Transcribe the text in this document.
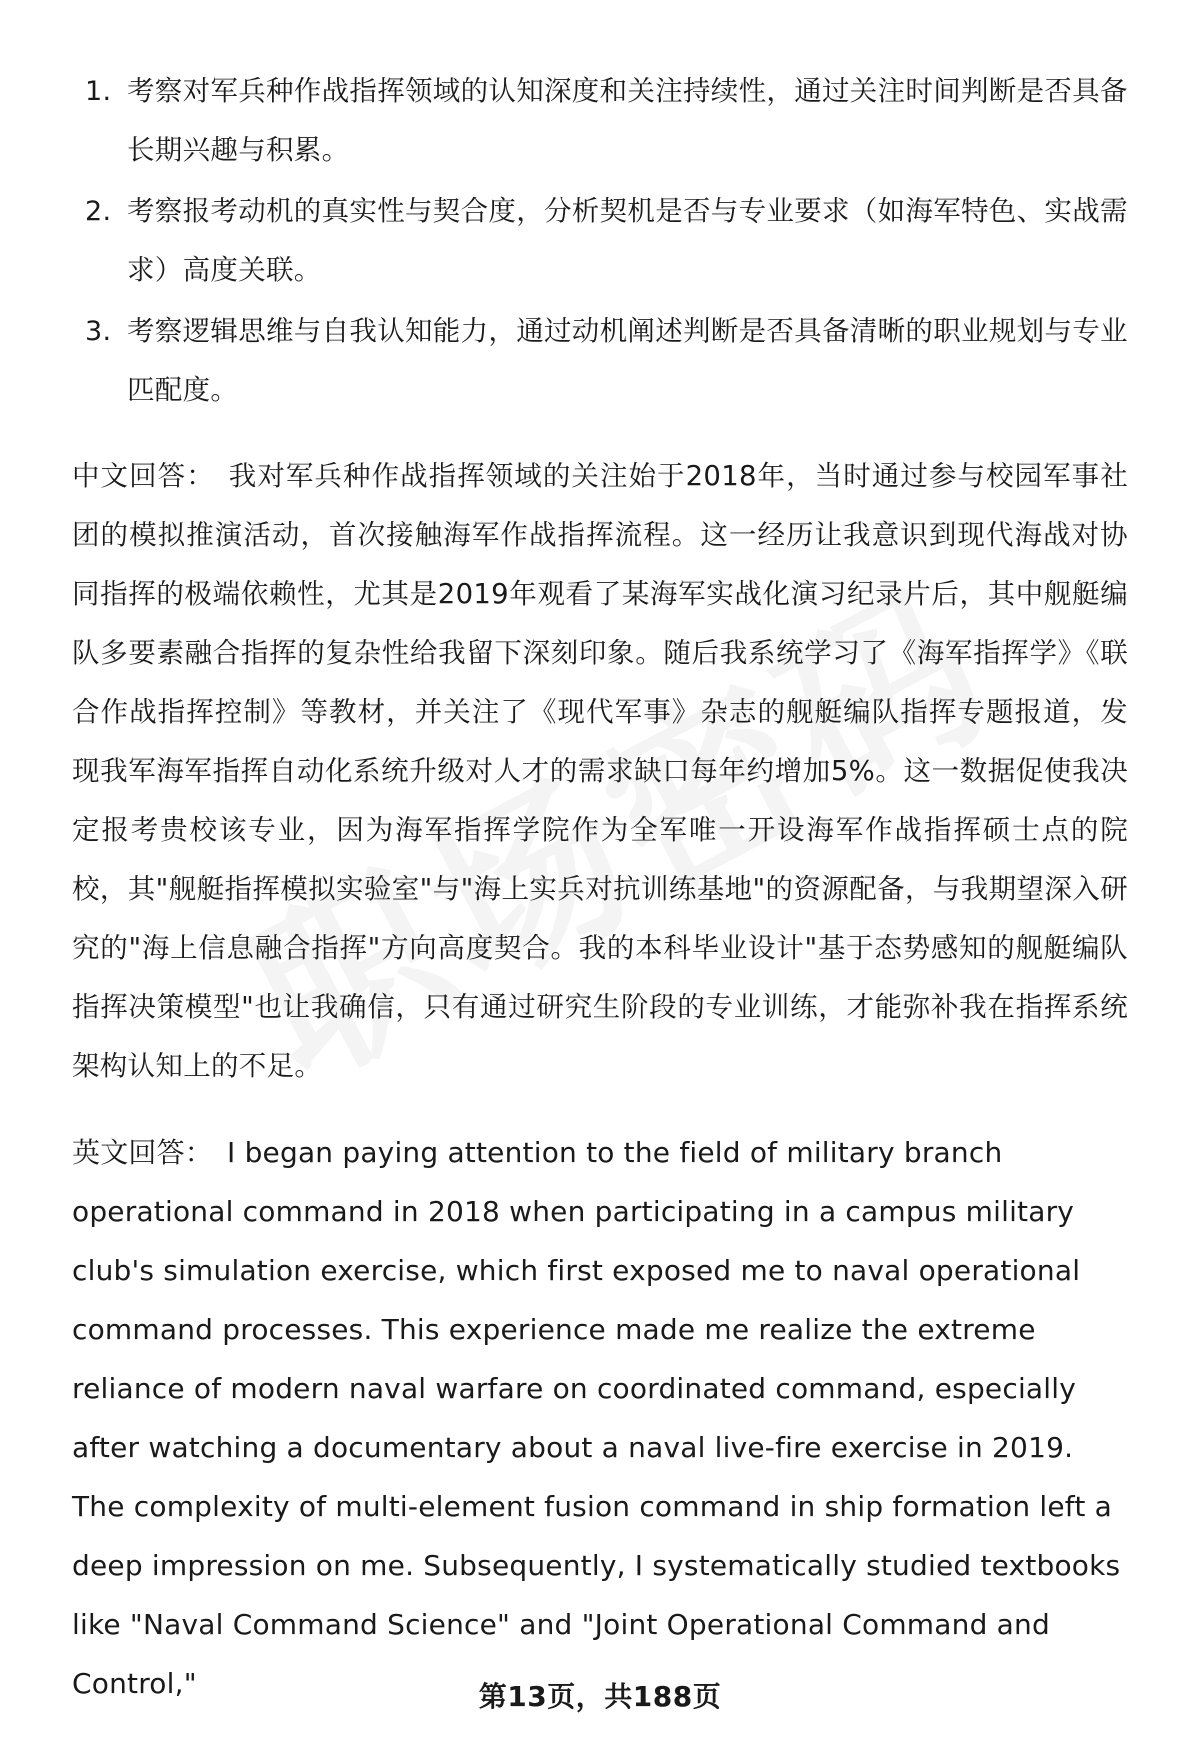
1. 考察对军兵种作战指挥领域的认知深度和关注持续性，通过关注时间判断是否具备长期兴趣与积累。
2. 考察报考动机的真实性与契合度，分析契机是否与专业要求（如海军特色、实战需求）高度关联。
3. 考察逻辑思维与自我认知能力，通过动机阐述判断是否具备清晰的职业规划与专业匹配度。

中文回答： 我对军兵种作战指挥领域的关注始于2018年，当时通过参与校园军事社团的模拟推演活动，首次接触海军作战指挥流程。这一经历让我意识到现代海战对协同指挥的极端依赖性，尤其是2019年观看了某海军实战化演习纪录片后，其中舰艇编队多要素融合指挥的复杂性给我留下深刻印象。随后我系统学习了《海军指挥学》《联合作战指挥控制》等教材，并关注了《现代军事》杂志的舰艇编队指挥专题报道，发现我军海军指挥自动化系统升级对人才的需求缺口每年约增加5%。这一数据促使我决定报考贵校该专业，因为海军指挥学院作为全军唯一开设海军作战指挥硕士点的院校，其"舰艇指挥模拟实验室"与"海上实兵对抗训练基地"的资源配备，与我期望深入研究的"海上信息融合指挥"方向高度契合。我的本科毕业设计"基于态势感知的舰艇编队指挥决策模型"也让我确信，只有通过研究生阶段的专业训练，才能弥补我在指挥系统架构认知上的不足。

英文回答： I began paying attention to the field of military branch operational command in 2018 when participating in a campus military club's simulation exercise, which first exposed me to naval operational command processes. This experience made me realize the extreme reliance of modern naval warfare on coordinated command, especially after watching a documentary about a naval live-fire exercise in 2019. The complexity of multi-element fusion command in ship formation left a deep impression on me. Subsequently, I systematically studied textbooks like "Naval Command Science" and "Joint Operational Command and Control,"	第13页，共188页
